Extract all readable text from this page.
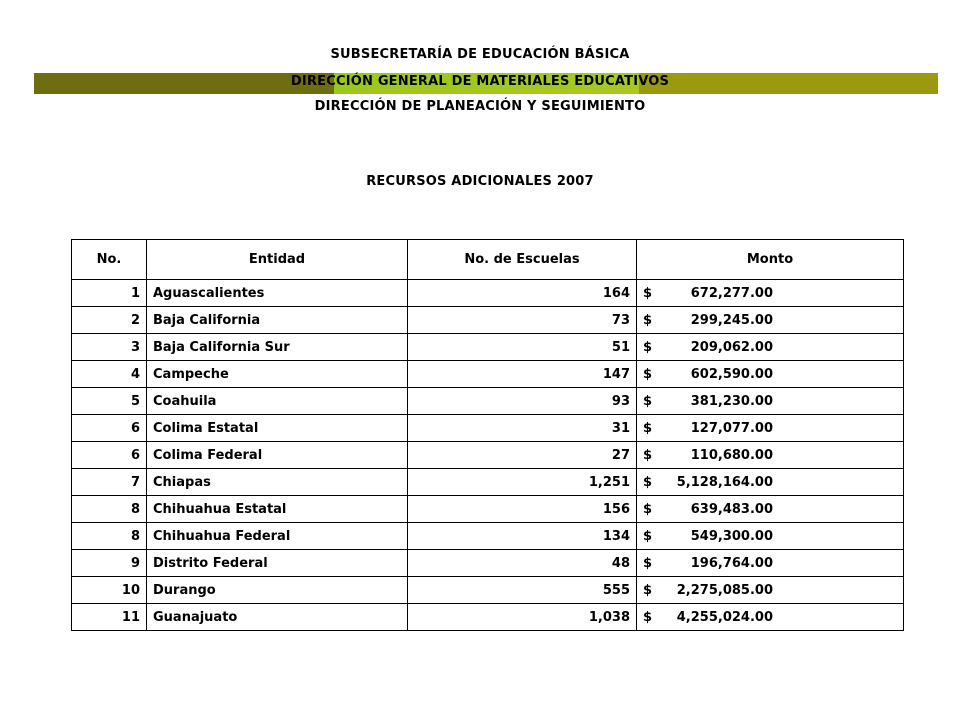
SUBSECRETARÍA DE EDUCACIÓN BÁSICA
DIRECCIÓN GENERAL DE MATERIALES EDUCATIVOS
DIRECCIÓN DE PLANEACIÓN Y SEGUIMIENTO
RECURSOS ADICIONALES 2007
No.	Entidad	No. de Escuelas	Monto
1	Aguascalientes	164	$ 672,277.00
2	Baja California	73	$ 299,245.00
3	Baja California Sur	51	$ 209,062.00
4	Campeche	147	$ 602,590.00
5	Coahuila	93	$ 381,230.00
6	Colima Estatal	31	$ 127,077.00
6	Colima Federal	27	$ 110,680.00
7	Chiapas	1,251	$ 5,128,164.00
8	Chihuahua Estatal	156	$ 639,483.00
8	Chihuahua Federal	134	$ 549,300.00
9	Distrito Federal	48	$ 196,764.00
10	Durango	555	$ 2,275,085.00
11	Guanajuato	1,038	$ 4,255,024.00
